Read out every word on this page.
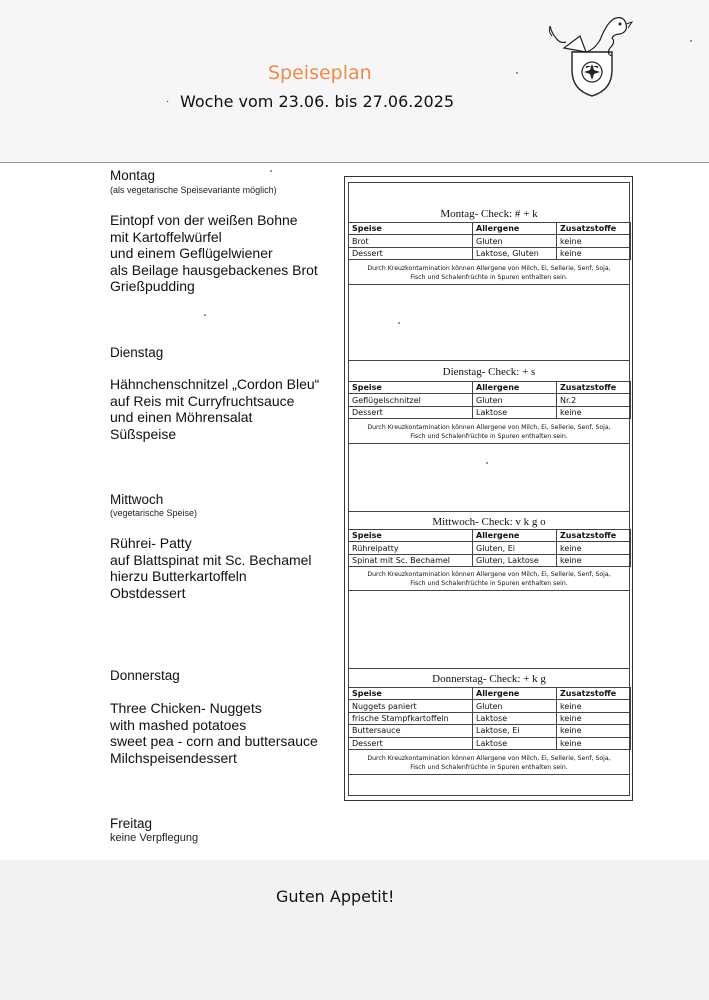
Speiseplan
· Woche vom 23.06. bis 27.06.2025
Montag
(als vegetarische Speisevariante möglich)
Eintopf von der weißen Bohne
mit Kartoffelwürfel
und einem Geflügelwiener
als Beilage hausgebackenes Brot
Grießpudding
Dienstag
Hähnchenschnitzel „Cordon Bleu“
auf Reis mit Curryfruchtsauce
und einen Möhrensalat
Süßspeise
Mittwoch
(vegetarische Speise)
Rührei- Patty
auf Blattspinat mit Sc. Bechamel
hierzu Butterkartoffeln
Obstdessert
Donnerstag
Three Chicken- Nuggets
with mashed potatoes
sweet pea - corn and buttersauce
Milchspeisendessert
Freitag
keine Verpflegung
Montag- Check: # + k
Speise	Allergene	Zusatzstoffe
Brot	Gluten	keine
Dessert	Laktose, Gluten	keine
Durch Kreuzkontamination können Allergene von Milch, Ei, Sellerie, Senf, Soja,
Fisch und Schalenfrüchte in Spuren enthalten sein.
Dienstag- Check: + s
Speise	Allergene	Zusatzstoffe
Geflügelschnitzel	Gluten	Nr.2
Dessert	Laktose	keine
Durch Kreuzkontamination können Allergene von Milch, Ei, Sellerie, Senf, Soja,
Fisch und Schalenfrüchte in Spuren enthalten sein.
Mittwoch- Check: v k g o
Speise	Allergene	Zusatzstoffe
Rühreipatty	Gluten, Ei	keine
Spinat mit Sc. Bechamel	Gluten, Laktose	keine
Durch Kreuzkontamination können Allergene von Milch, Ei, Sellerie, Senf, Soja,
Fisch und Schalenfrüchte in Spuren enthalten sein.
Donnerstag- Check: + k g
Speise	Allergene	Zusatzstoffe
Nuggets paniert	Gluten	keine
frische Stampfkartoffeln	Laktose	keine
Buttersauce	Laktose, Ei	keine
Dessert	Laktose	keine
Durch Kreuzkontamination können Allergene von Milch, Ei, Sellerie, Senf, Soja,
Fisch und Schalenfrüchte in Spuren enthalten sein.
Guten Appetit!
